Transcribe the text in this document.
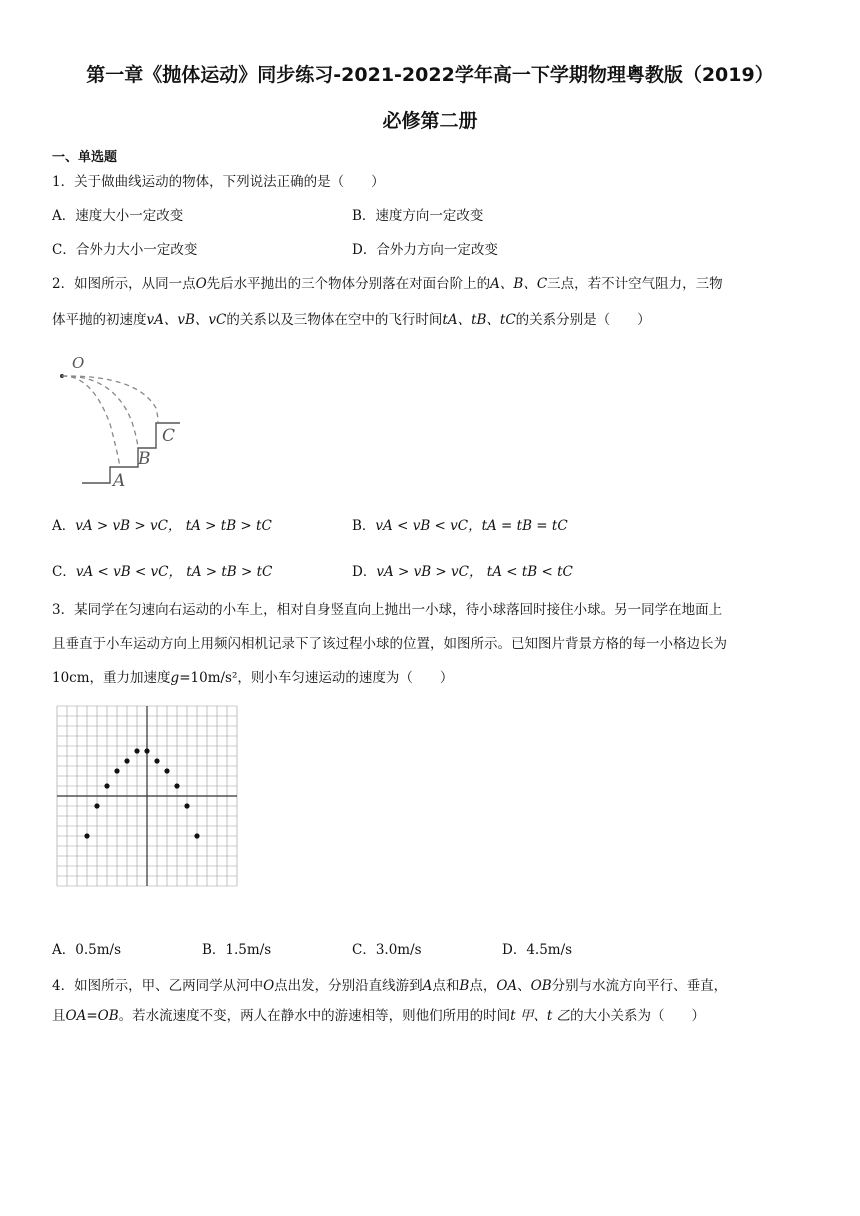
第一章《抛体运动》同步练习-2021-2022学年高一下学期物理粤教版（2019）
必修第二册
一、单选题
1．关于做曲线运动的物体，下列说法正确的是（　　）
A．速度大小一定改变	B．速度方向一定改变
C．合外力大小一定改变	D．合外力方向一定改变
2．如图所示，从同一点O先后水平抛出的三个物体分别落在对面台阶上的A、B、C三点，若不计空气阻力，三物
体平抛的初速度vA、vB、vC的关系以及三物体在空中的飞行时间tA、tB、tC的关系分别是（　　）
O
C
B
A
A．vA > vB > vC， tA > tB > tC	B．vA < vB < vC，tA = tB = tC
C．vA < vB < vC， tA > tB > tC	D．vA > vB > vC， tA < tB < tC
3．某同学在匀速向右运动的小车上，相对自身竖直向上抛出一小球，待小球落回时接住小球。另一同学在地面上
且垂直于小车运动方向上用频闪相机记录下了该过程小球的位置，如图所示。已知图片背景方格的每一小格边长为
10cm，重力加速度g=10m/s²，则小车匀速运动的速度为（　　）
A．0.5m/s	B．1.5m/s	C．3.0m/s	D．4.5m/s
4．如图所示，甲、乙两同学从河中O点出发，分别沿直线游到A点和B点，OA、OB分别与水流方向平行、垂直，
且OA=OB。若水流速度不变，两人在静水中的游速相等，则他们所用的时间t 甲、t 乙的大小关系为（　　）
